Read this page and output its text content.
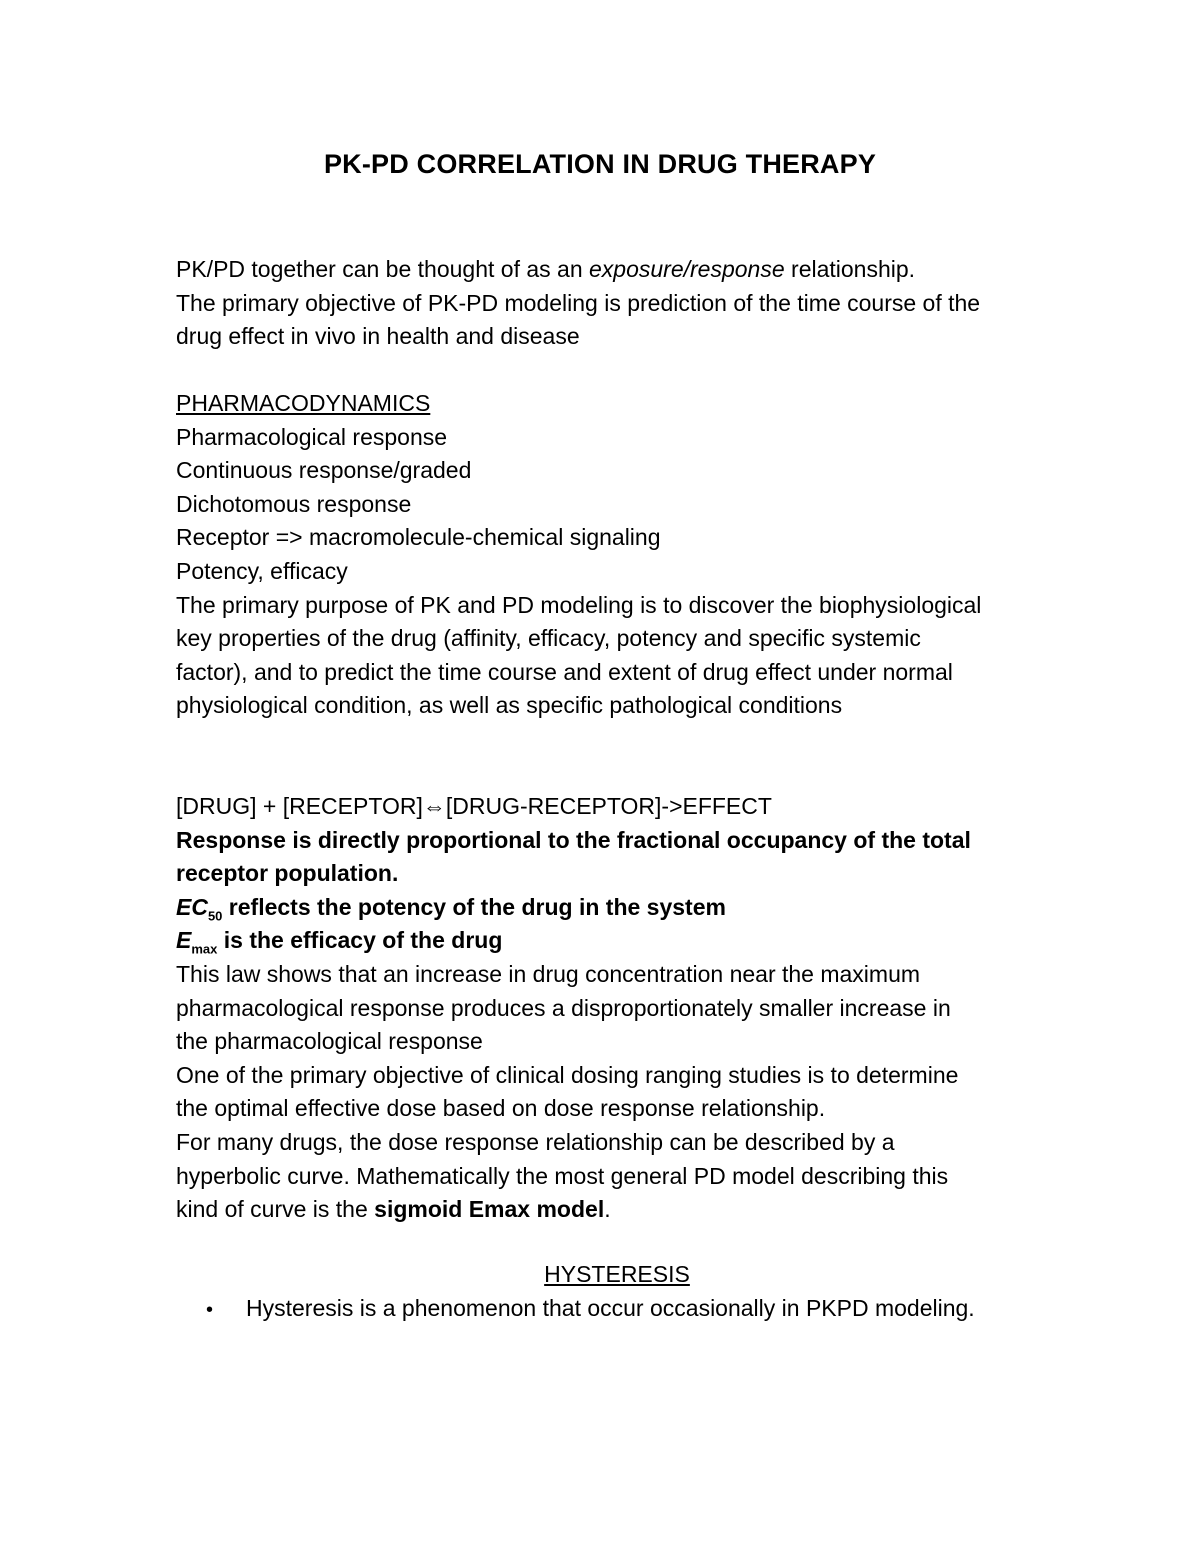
PK-PD CORRELATION IN DRUG THERAPY
PK/PD together can be thought of as an exposure/response relationship.
The primary objective of PK-PD modeling is prediction of the time course of the
drug effect in vivo in health and disease
PHARMACODYNAMICS
Pharmacological response
Continuous response/graded
Dichotomous response
Receptor => macromolecule-chemical signaling
Potency, efficacy
The primary purpose of PK and PD modeling is to discover the biophysiological
key properties of the drug (affinity, efficacy, potency and specific systemic
factor), and to predict the time course and extent of drug effect under normal
physiological condition, as well as specific pathological conditions
[DRUG] + [RECEPTOR]⇔[DRUG-RECEPTOR]->EFFECT
Response is directly proportional to the fractional occupancy of the total
receptor population.
$EC_{50}$ reflects the potency of the drug in the system
$E_{max}$ is the efficacy of the drug
This law shows that an increase in drug concentration near the maximum
pharmacological response produces a disproportionately smaller increase in
the pharmacological response
One of the primary objective of clinical dosing ranging studies is to determine
the optimal effective dose based on dose response relationship.
For many drugs, the dose response relationship can be described by a
hyperbolic curve. Mathematically the most general PD model describing this
kind of curve is the sigmoid Emax model.
HYSTERESIS
• Hysteresis is a phenomenon that occur occasionally in PKPD modeling.
